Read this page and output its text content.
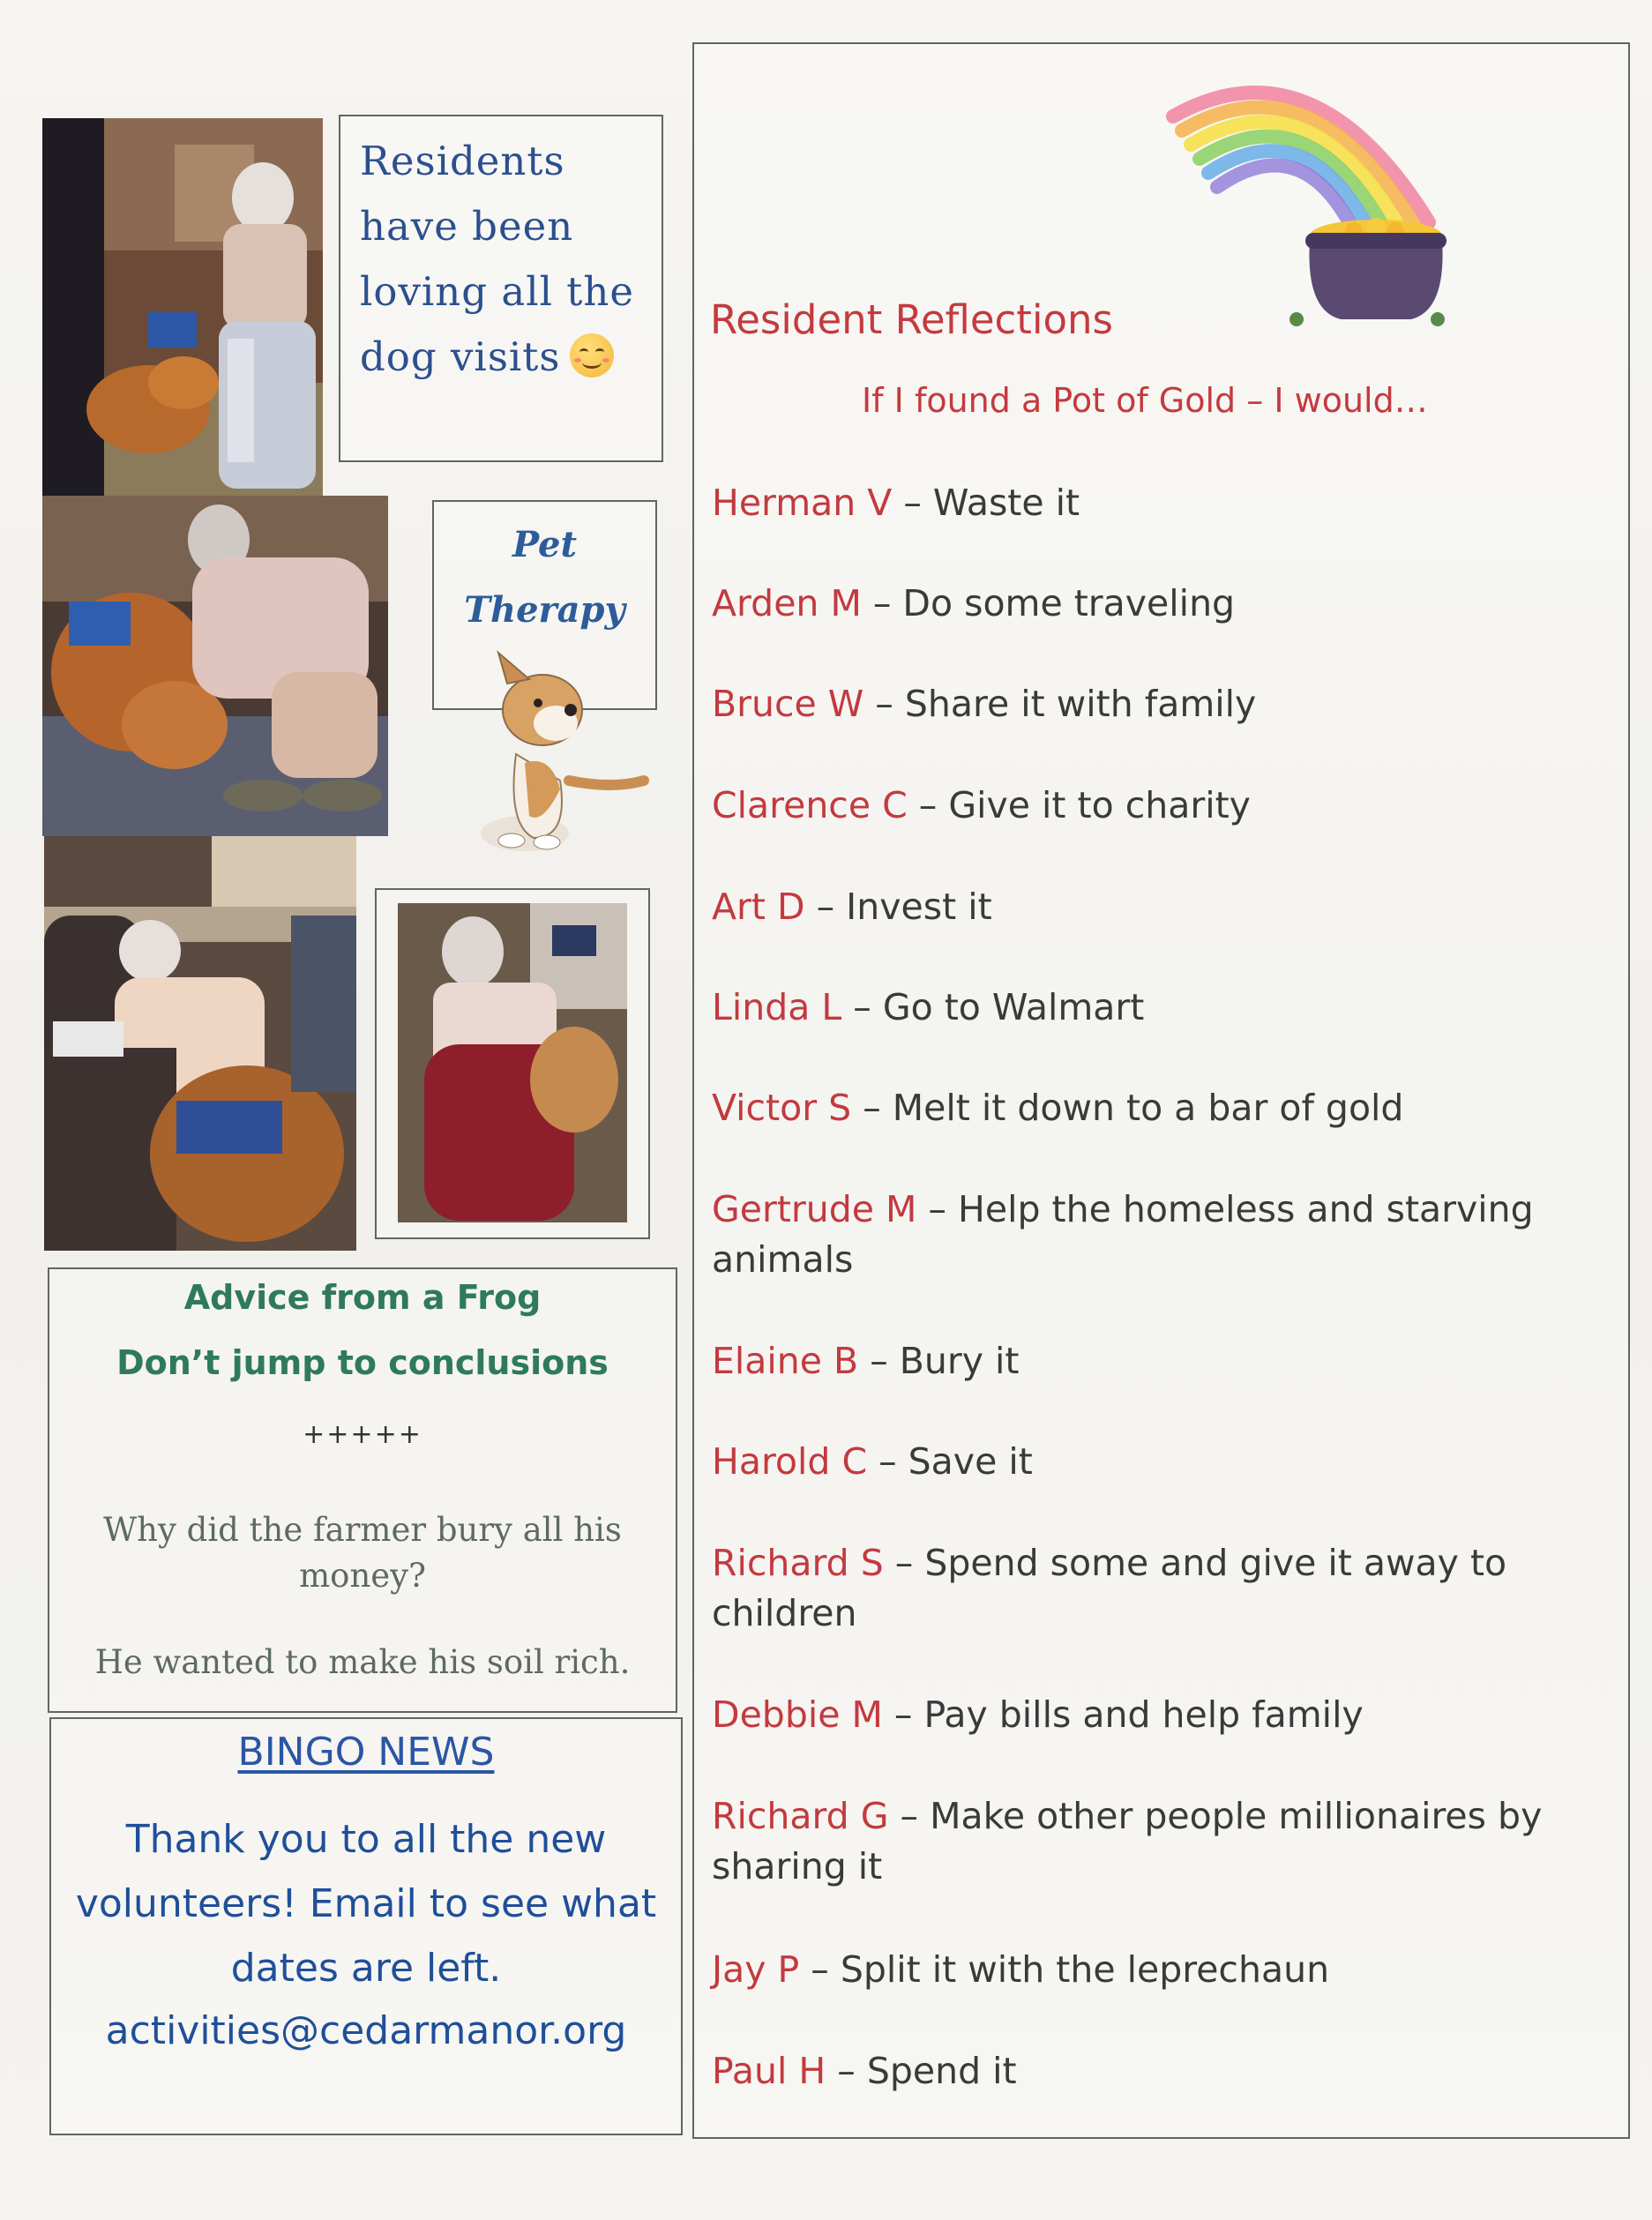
Residents
have been
loving all the
dog visits
Pet
Therapy
Advice from a Frog
Don’t jump to conclusions
+++++
Why did the farmer bury all his money?
He wanted to make his soil rich.
BINGO NEWS
Thank you to all the new volunteers! Email to see what dates are left.
activities@cedarmanor.org
Resident Reflections
If I found a Pot of Gold – I would…
Herman V – Waste it
Arden M – Do some traveling
Bruce W – Share it with family
Clarence C – Give it to charity
Art D – Invest it
Linda L – Go to Walmart
Victor S – Melt it down to a bar of gold
Gertrude M – Help the homeless and starving animals
Elaine B – Bury it
Harold C – Save it
Richard S – Spend some and give it away to children
Debbie M – Pay bills and help family
Richard G – Make other people millionaires by sharing it
Jay P – Split it with the leprechaun
Paul H – Spend it
